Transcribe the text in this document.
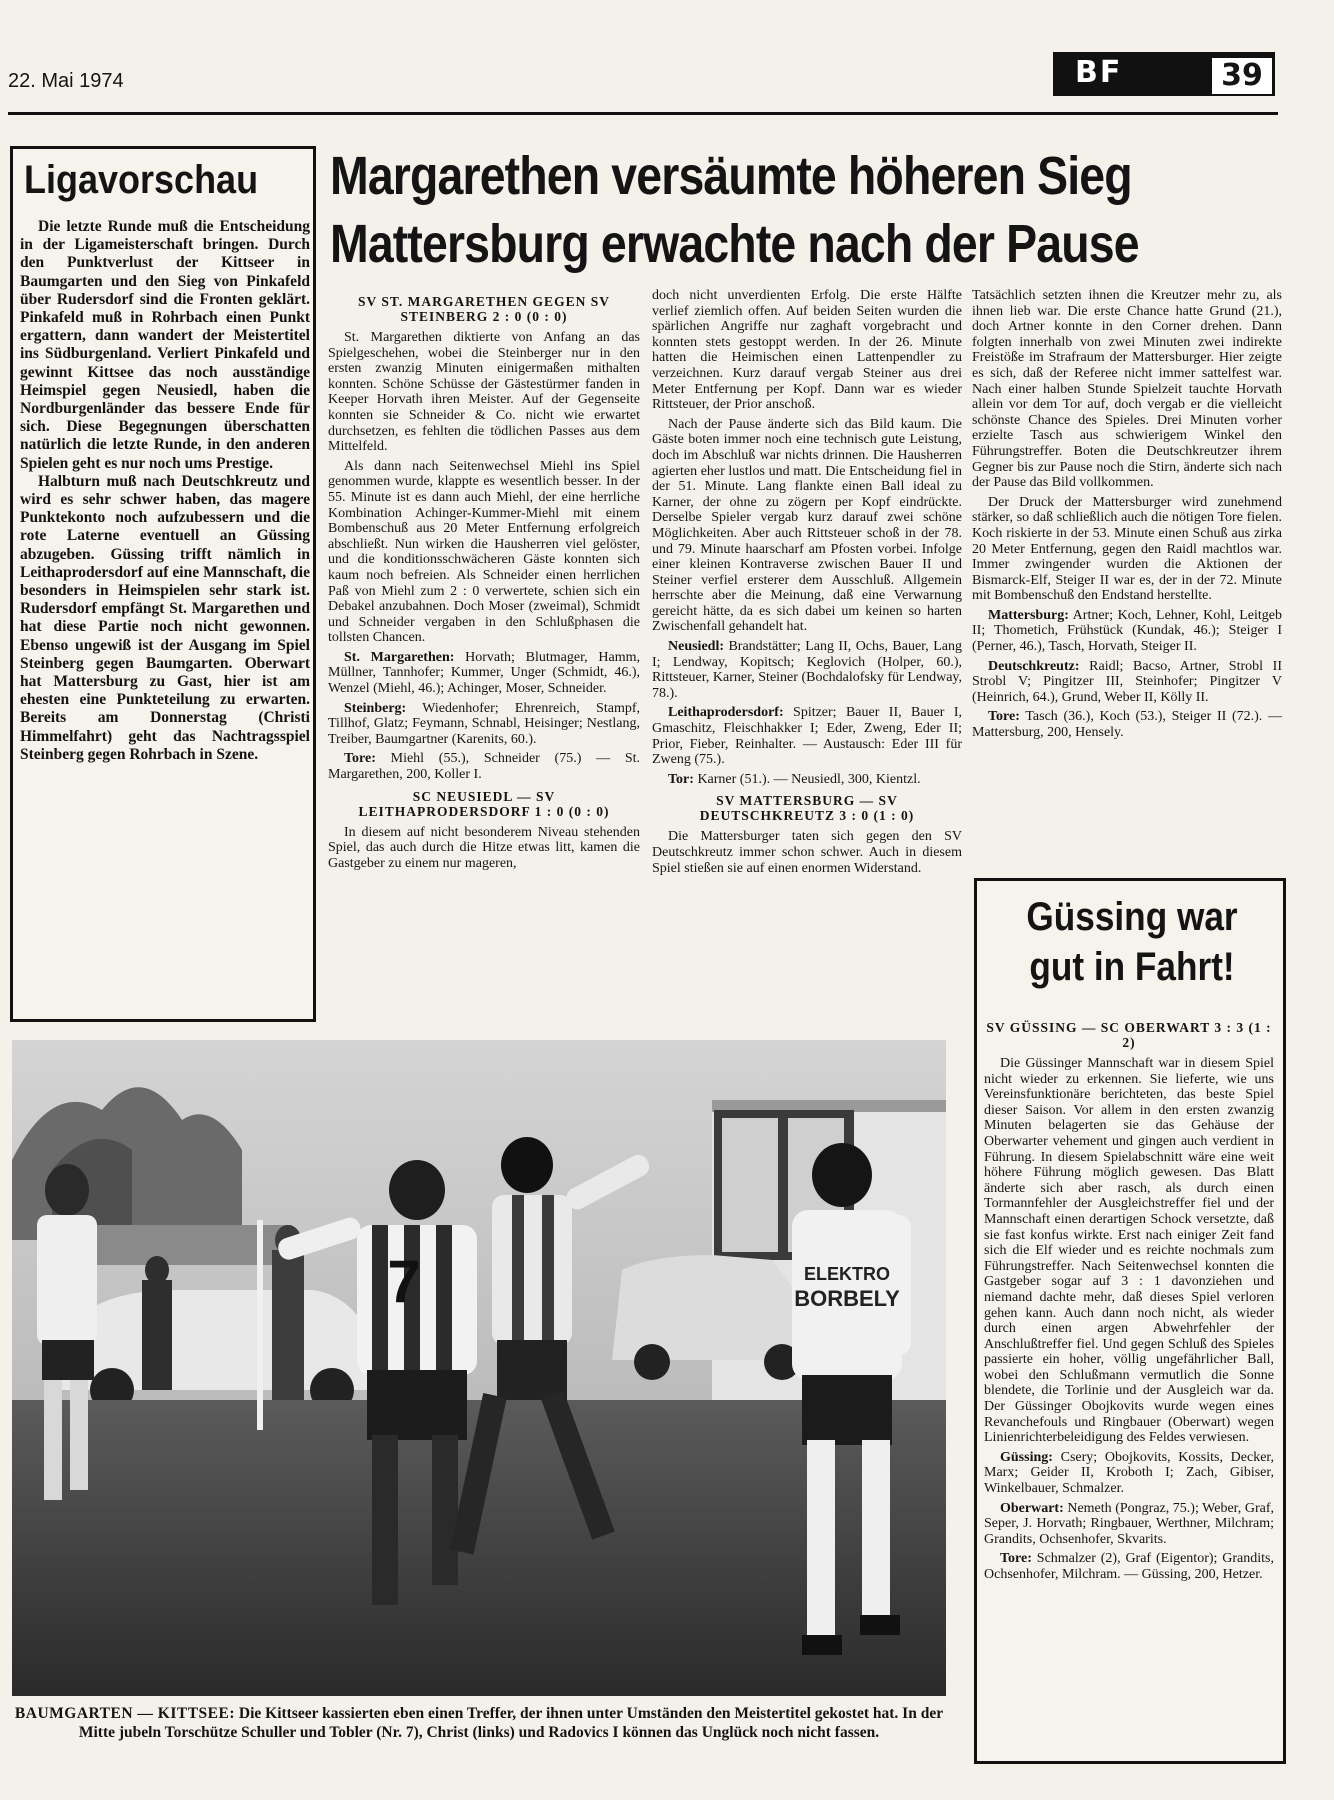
22. Mai 1974	BF	39
Margarethen versäumte höheren Sieg
Mattersburg erwachte nach der Pause
Ligavorschau

Die letzte Runde muß die Entscheidung in der Ligameisterschaft bringen. Durch den Punktverlust der Kittseer in Baumgarten und den Sieg von Pinkafeld über Rudersdorf sind die Fronten geklärt. Pinkafeld muß in Rohrbach einen Punkt ergattern, dann wandert der Meistertitel ins Südburgenland. Verliert Pinkafeld und gewinnt Kittsee das noch ausständige Heimspiel gegen Neusiedl, haben die Nordburgenländer das bessere Ende für sich. Diese Begegnungen überschatten natürlich die letzte Runde, in den anderen Spielen geht es nur noch ums Prestige.

Halbturn muß nach Deutschkreutz und wird es sehr schwer haben, das magere Punktekonto noch aufzubessern und die rote Laterne eventuell an Güssing abzugeben. Güssing trifft nämlich in Leithaprodersdorf auf eine Mannschaft, die besonders in Heimspielen sehr stark ist. Rudersdorf empfängt St. Margarethen und hat diese Partie noch nicht gewonnen. Ebenso ungewiß ist der Ausgang im Spiel Steinberg gegen Baumgarten. Oberwart hat Mattersburg zu Gast, hier ist am ehesten eine Punkteteilung zu erwarten. Bereits am Donnerstag (Christi Himmelfahrt) geht das Nachtragsspiel Steinberg gegen Rohrbach in Szene.

SV ST. MARGARETHEN GEGEN SV STEINBERG 2 : 0 (0 : 0)

St. Margarethen diktierte von Anfang an das Spielgeschehen, wobei die Steinberger nur in den ersten zwanzig Minuten einigermaßen mithalten konnten. Schöne Schüsse der Gästestürmer fanden in Keeper Horvath ihren Meister. Auf der Gegenseite konnten sie Schneider & Co. nicht wie erwartet durchsetzen, es fehlten die tödlichen Passes aus dem Mittelfeld.

Als dann nach Seitenwechsel Miehl ins Spiel genommen wurde, klappte es wesentlich besser. In der 55. Minute ist es dann auch Miehl, der eine herrliche Kombination Achinger-Kummer-Miehl mit einem Bombenschuß aus 20 Meter Entfernung erfolgreich abschließt. Nun wirken die Hausherren viel gelöster, und die konditionsschwächeren Gäste konnten sich kaum noch befreien. Als Schneider einen herrlichen Paß von Miehl zum 2 : 0 verwertete, schien sich ein Debakel anzubahnen. Doch Moser (zweimal), Schmidt und Schneider vergaben in den Schlußphasen die tollsten Chancen.

St. Margarethen: Horvath; Blutmager, Hamm, Müllner, Tannhofer; Kummer, Unger (Schmidt, 46.), Wenzel (Miehl, 46.); Achinger, Moser, Schneider.

Steinberg: Wiedenhofer; Ehrenreich, Stampf, Tillhof, Glatz; Feymann, Schnabl, Heisinger; Nestlang, Treiber, Baumgartner (Karenits, 60.).

Tore: Miehl (55.), Schneider (75.) — St. Margarethen, 200, Koller I.

SC NEUSIEDL — SV LEITHAPRODERSDORF 1 : 0 (0 : 0)

In diesem auf nicht besonderem Niveau stehenden Spiel, das auch durch die Hitze etwas litt, kamen die Gastgeber zu einem nur mageren,

doch nicht unverdienten Erfolg. Die erste Hälfte verlief ziemlich offen. Auf beiden Seiten wurden die spärlichen Angriffe nur zaghaft vorgebracht und konnten stets gestoppt werden. In der 26. Minute hatten die Heimischen einen Lattenpendler zu verzeichnen. Kurz darauf vergab Steiner aus drei Meter Entfernung per Kopf. Dann war es wieder Rittsteuer, der Prior anschoß.

Nach der Pause änderte sich das Bild kaum. Die Gäste boten immer noch eine technisch gute Leistung, doch im Abschluß war nichts drinnen. Die Hausherren agierten eher lustlos und matt. Die Entscheidung fiel in der 51. Minute. Lang flankte einen Ball ideal zu Karner, der ohne zu zögern per Kopf eindrückte. Derselbe Spieler vergab kurz darauf zwei schöne Möglichkeiten. Aber auch Rittsteuer schoß in der 78. und 79. Minute haarscharf am Pfosten vorbei. Infolge einer kleinen Kontraverse zwischen Bauer II und Steiner verfiel ersterer dem Ausschluß. Allgemein herrschte aber die Meinung, daß eine Verwarnung gereicht hätte, da es sich dabei um keinen so harten Zwischenfall gehandelt hat.

Neusiedl: Brandstätter; Lang II, Ochs, Bauer, Lang I; Lendway, Kopitsch; Keglovich (Holper, 60.), Rittsteuer, Karner, Steiner (Bochdalofsky für Lendway, 78.).

Leithaprodersdorf: Spitzer; Bauer II, Bauer I, Gmaschitz, Fleischhakker I; Eder, Zweng, Eder II; Prior, Fieber, Reinhalter. — Austausch: Eder III für Zweng (75.).

Tor: Karner (51.). — Neusiedl, 300, Kientzl.

SV MATTERSBURG — SV DEUTSCHKREUTZ 3 : 0 (1 : 0)

Die Mattersburger taten sich gegen den SV Deutschkreutz immer schon schwer. Auch in diesem Spiel stießen sie auf einen enormen Widerstand.

Tatsächlich setzten ihnen die Kreutzer mehr zu, als ihnen lieb war. Die erste Chance hatte Grund (21.), doch Artner konnte in den Corner drehen. Dann folgten innerhalb von zwei Minuten zwei indirekte Freistöße im Strafraum der Mattersburger. Hier zeigte es sich, daß der Referee nicht immer sattelfest war. Nach einer halben Stunde Spielzeit tauchte Horvath allein vor dem Tor auf, doch vergab er die vielleicht schönste Chance des Spieles. Drei Minuten vorher erzielte Tasch aus schwierigem Winkel den Führungstreffer. Boten die Deutschkreutzer ihrem Gegner bis zur Pause noch die Stirn, änderte sich nach der Pause das Bild vollkommen.

Der Druck der Mattersburger wird zunehmend stärker, so daß schließlich auch die nötigen Tore fielen. Koch riskierte in der 53. Minute einen Schuß aus zirka 20 Meter Entfernung, gegen den Raidl machtlos war. Immer zwingender wurden die Aktionen der Bismarck-Elf, Steiger II war es, der in der 72. Minute mit Bombenschuß den Endstand herstellte.

Mattersburg: Artner; Koch, Lehner, Kohl, Leitgeb II; Thometich, Frühstück (Kundak, 46.); Steiger I (Perner, 46.), Tasch, Horvath, Steiger II.

Deutschkreutz: Raidl; Bacso, Artner, Strobl II Strobl V; Pingitzer III, Steinhofer; Pingitzer V (Heinrich, 64.), Grund, Weber II, Kölly II.

Tore: Tasch (36.), Koch (53.), Steiger II (72.). — Mattersburg, 200, Hensely.

Güssing war
gut in Fahrt!

SV GÜSSING — SC OBERWART 3 : 3 (1 : 2)

Die Güssinger Mannschaft war in diesem Spiel nicht wieder zu erkennen. Sie lieferte, wie uns Vereinsfunktionäre berichteten, das beste Spiel dieser Saison. Vor allem in den ersten zwanzig Minuten belagerten sie das Gehäuse der Oberwarter vehement und gingen auch verdient in Führung. In diesem Spielabschnitt wäre eine weit höhere Führung möglich gewesen. Das Blatt änderte sich aber rasch, als durch einen Tormannfehler der Ausgleichstreffer fiel und der Mannschaft einen derartigen Schock versetzte, daß sie fast konfus wirkte. Erst nach einiger Zeit fand sich die Elf wieder und es reichte nochmals zum Führungstreffer. Nach Seitenwechsel konnten die Gastgeber sogar auf 3 : 1 davonziehen und niemand dachte mehr, daß dieses Spiel verloren gehen kann. Auch dann noch nicht, als wieder durch einen argen Abwehrfehler der Anschlußtreffer fiel. Und gegen Schluß des Spieles passierte ein hoher, völlig ungefährlicher Ball, wobei den Schlußmann vermutlich die Sonne blendete, die Torlinie und der Ausgleich war da. Der Güssinger Obojkovits wurde wegen eines Revanchefouls und Ringbauer (Oberwart) wegen Linienrichterbeleidigung des Feldes verwiesen.

Güssing: Csery; Obojkovits, Kossits, Decker, Marx; Geider II, Kroboth I; Zach, Gibiser, Winkelbauer, Schmalzer.

Oberwart: Nemeth (Pongraz, 75.); Weber, Graf, Seper, J. Horvath; Ringbauer, Werthner, Milchram; Grandits, Ochsenhofer, Skvarits.

Tore: Schmalzer (2), Graf (Eigentor); Grandits, Ochsenhofer, Milchram. — Güssing, 200, Hetzer.

7	ELEKTRO
BORBELY
BAUMGARTEN — KITTSEE: Die Kittseer kassierten eben einen Treffer, der ihnen unter Umständen den Meistertitel gekostet hat. In der Mitte jubeln Torschütze Schuller und Tobler (Nr. 7), Christ (links) und Radovics I können das Unglück noch nicht fassen.
